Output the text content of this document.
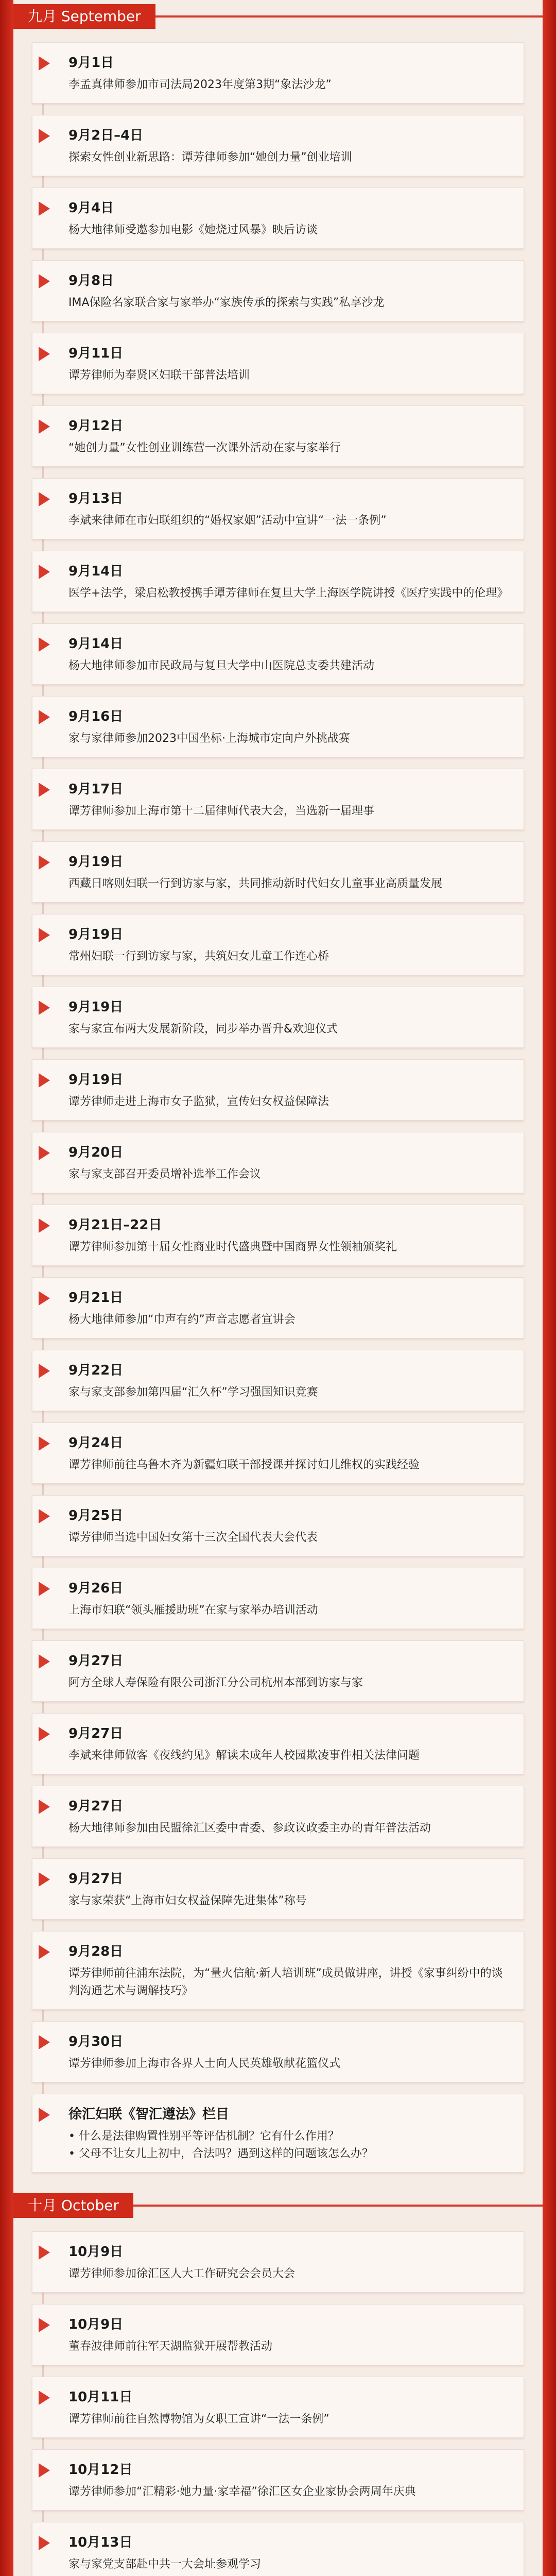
九月 September
9月1日
李孟真律师参加市司法局2023年度第3期“象法沙龙”
9月2日–4日
探索女性创业新思路：谭芳律师参加“她创力量”创业培训
9月4日
杨大地律师受邀参加电影《她烧过风暴》映后访谈
9月8日
IMA保险名家联合家与家举办“家族传承的探索与实践”私享沙龙
9月11日
谭芳律师为奉贤区妇联干部普法培训
9月12日
“她创力量”女性创业训练营一次课外活动在家与家举行
9月13日
李斌来律师在市妇联组织的“婚权家姻”活动中宣讲“一法一条例”
9月14日
医学+法学，梁启松教授携手谭芳律师在复旦大学上海医学院讲授《医疗实践中的伦理》
9月14日
杨大地律师参加市民政局与复旦大学中山医院总支委共建活动
9月16日
家与家律师参加2023中国坐标·上海城市定向户外挑战赛
9月17日
谭芳律师参加上海市第十二届律师代表大会，当选新一届理事
9月19日
西藏日喀则妇联一行到访家与家，共同推动新时代妇女儿童事业高质量发展
9月19日
常州妇联一行到访家与家，共筑妇女儿童工作连心桥
9月19日
家与家宣布两大发展新阶段，同步举办晋升&欢迎仪式
9月19日
谭芳律师走进上海市女子监狱，宣传妇女权益保障法
9月20日
家与家支部召开委员增补选举工作会议
9月21日–22日
谭芳律师参加第十届女性商业时代盛典暨中国商界女性领袖颁奖礼
9月21日
杨大地律师参加“巾声有约”声音志愿者宣讲会
9月22日
家与家支部参加第四届“汇久杯”学习强国知识竞赛
9月24日
谭芳律师前往乌鲁木齐为新疆妇联干部授课并探讨妇儿维权的实践经验
9月25日
谭芳律师当选中国妇女第十三次全国代表大会代表
9月26日
上海市妇联“领头雁援助班”在家与家举办培训活动
9月27日
阿方全球人寿保险有限公司浙江分公司杭州本部到访家与家
9月27日
李斌来律师做客《夜线约见》解读未成年人校园欺凌事件相关法律问题
9月27日
杨大地律师参加由民盟徐汇区委中青委、参政议政委主办的青年普法活动
9月27日
家与家荣获“上海市妇女权益保障先进集体”称号
9月28日
谭芳律师前往浦东法院，为“量火信航·新人培训班”成员做讲座，讲授《家事纠纷中的谈判沟通艺术与调解技巧》
9月30日
谭芳律师参加上海市各界人士向人民英雄敬献花篮仪式
徐汇妇联《智汇遵法》栏目
• 什么是法律购置性别平等评估机制？它有什么作用？
• 父母不让女儿上初中，合法吗？遇到这样的问题该怎么办？
十月 October
10月9日
谭芳律师参加徐汇区人大工作研究会会员大会
10月9日
董春波律师前往军天湖监狱开展帮教活动
10月11日
谭芳律师前往自然博物馆为女职工宣讲“一法一条例”
10月12日
谭芳律师参加“汇精彩·她力量·家幸福”徐汇区女企业家协会两周年庆典
10月13日
家与家党支部赴中共一大会址参观学习
